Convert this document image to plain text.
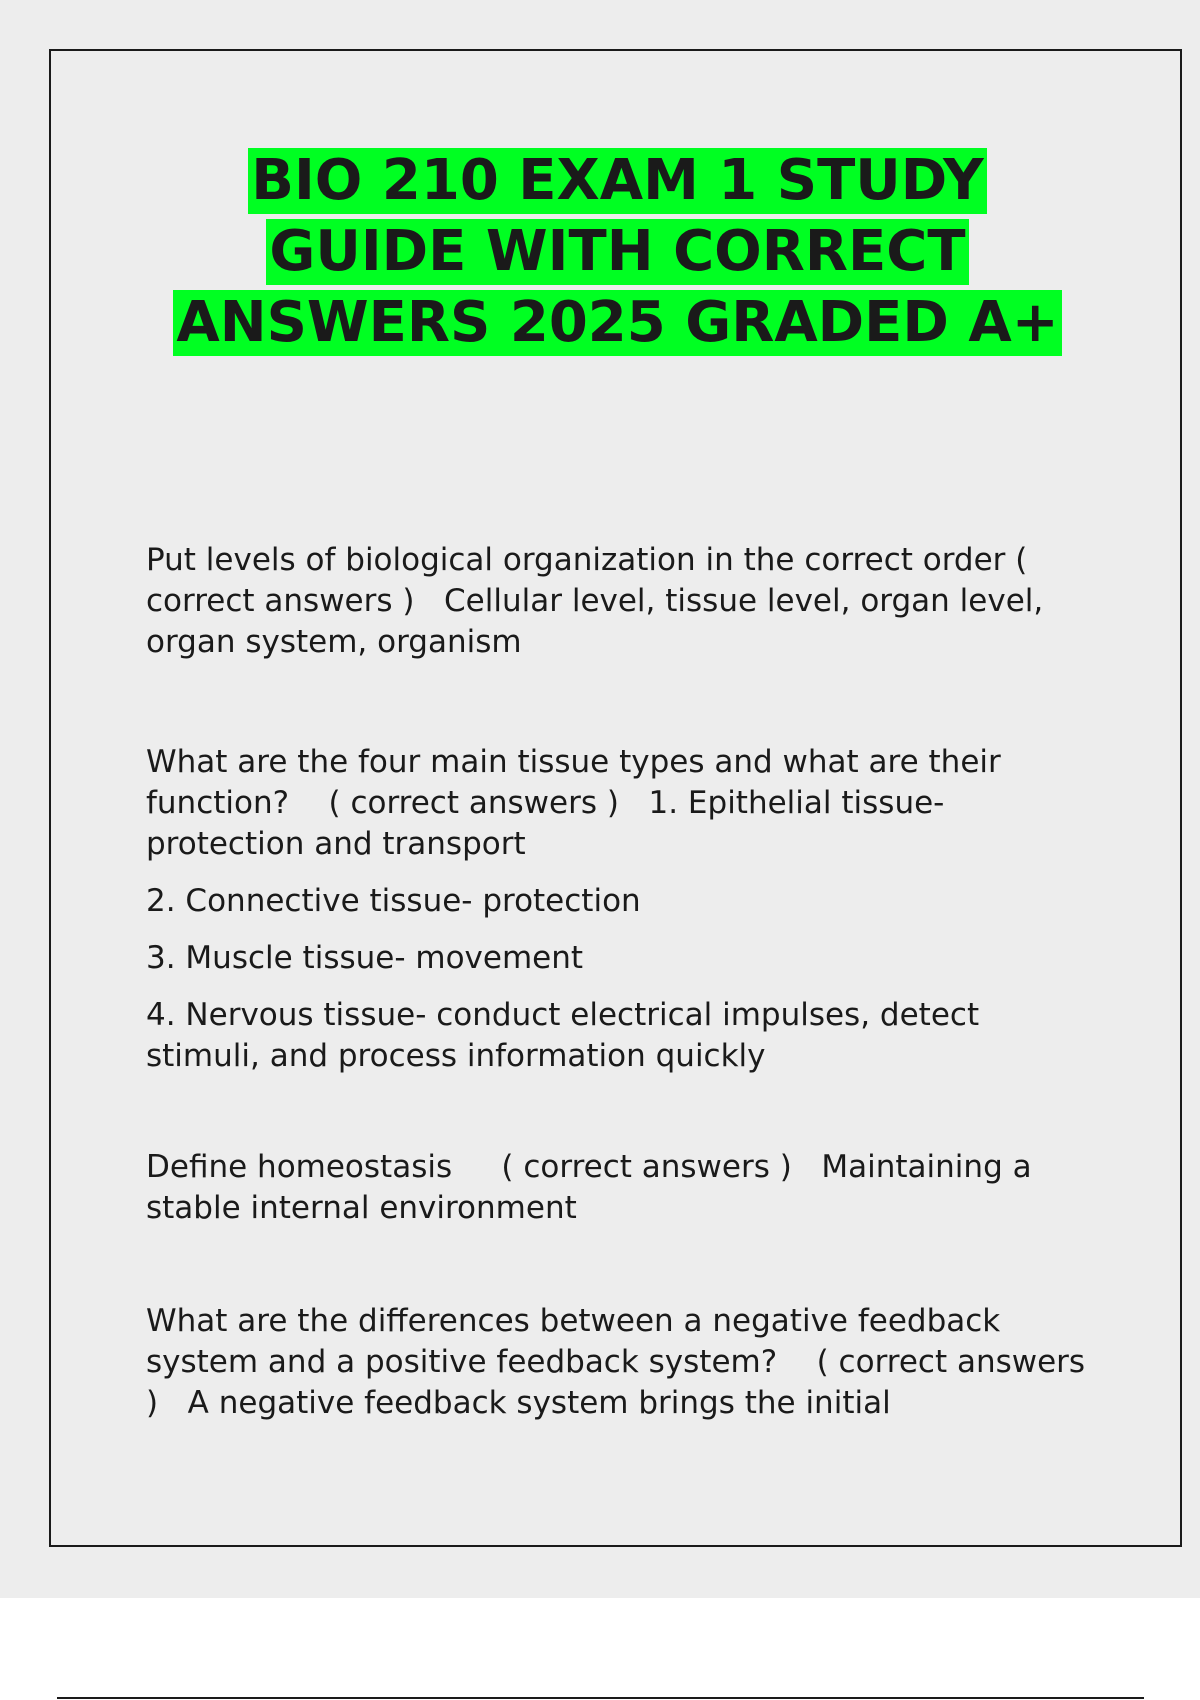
BIO 210 EXAM 1 STUDY
GUIDE WITH CORRECT
ANSWERS 2025 GRADED A+

Put levels of biological organization in the correct order ( correct answers ) Cellular level, tissue level, organ level, organ system, organism

What are the four main tissue types and what are their function? ( correct answers ) 1. Epithelial tissue- protection and transport

2. Connective tissue- protection

3. Muscle tissue- movement

4. Nervous tissue- conduct electrical impulses, detect stimuli, and process information quickly

Define homeostasis ( correct answers ) Maintaining a stable internal environment

What are the differences between a negative feedback system and a positive feedback system? ( correct answers ) A negative feedback system brings the initial
